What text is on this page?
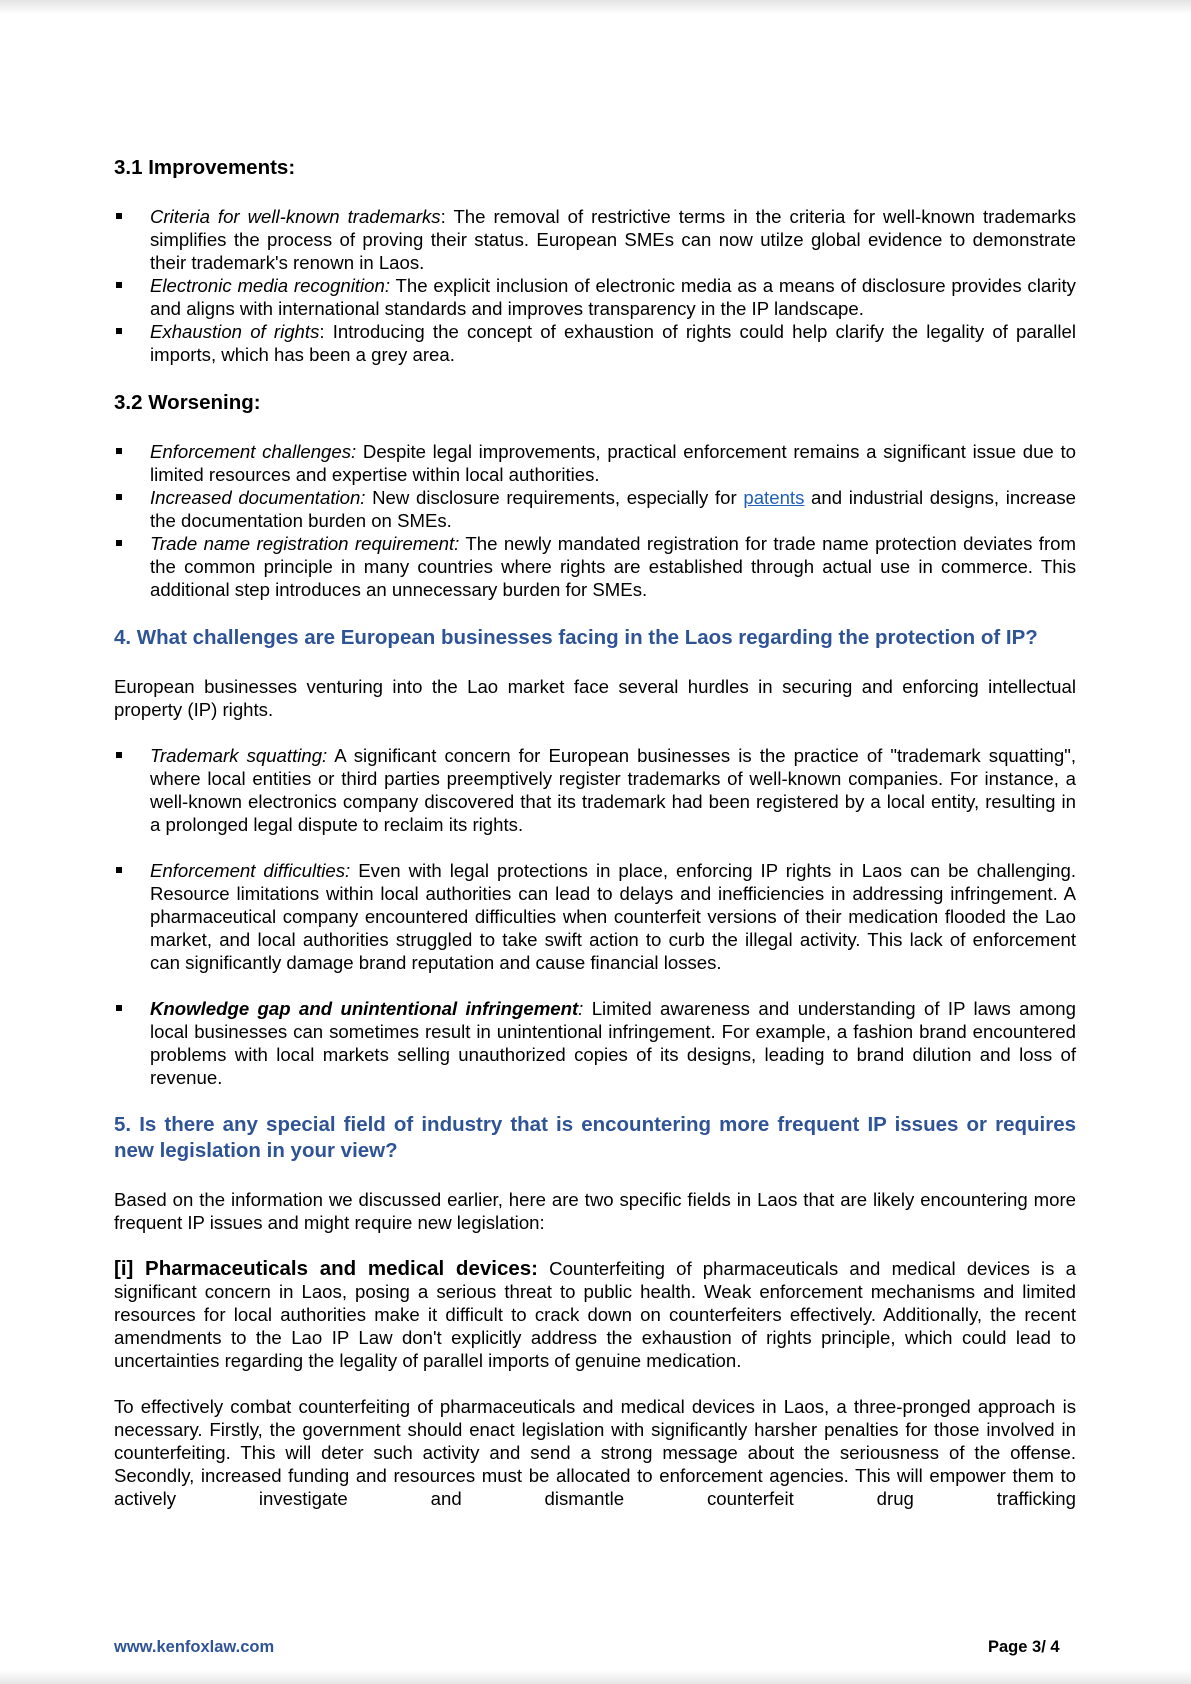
3.1 Improvements:
Criteria for well-known trademarks: The removal of restrictive terms in the criteria for well-known trademarks simplifies the process of proving their status. European SMEs can now utilze global evidence to demonstrate their trademark's renown in Laos.
Electronic media recognition: The explicit inclusion of electronic media as a means of disclosure provides clarity and aligns with international standards and improves transparency in the IP landscape.
Exhaustion of rights: Introducing the concept of exhaustion of rights could help clarify the legality of parallel imports, which has been a grey area.
3.2 Worsening:
Enforcement challenges: Despite legal improvements, practical enforcement remains a significant issue due to limited resources and expertise within local authorities.
Increased documentation: New disclosure requirements, especially for patents and industrial designs, increase the documentation burden on SMEs.
Trade name registration requirement: The newly mandated registration for trade name protection deviates from the common principle in many countries where rights are established through actual use in commerce. This additional step introduces an unnecessary burden for SMEs.
4. What challenges are European businesses facing in the Laos regarding the protection of IP?

European businesses venturing into the Lao market face several hurdles in securing and enforcing intellectual property (IP) rights.

Trademark squatting: A significant concern for European businesses is the practice of "trademark squatting", where local entities or third parties preemptively register trademarks of well-known companies. For instance, a well-known electronics company discovered that its trademark had been registered by a local entity, resulting in a prolonged legal dispute to reclaim its rights.
Enforcement difficulties: Even with legal protections in place, enforcing IP rights in Laos can be challenging. Resource limitations within local authorities can lead to delays and inefficiencies in addressing infringement. A pharmaceutical company encountered difficulties when counterfeit versions of their medication flooded the Lao market, and local authorities struggled to take swift action to curb the illegal activity. This lack of enforcement can significantly damage brand reputation and cause financial losses.
Knowledge gap and unintentional infringement: Limited awareness and understanding of IP laws among local businesses can sometimes result in unintentional infringement. For example, a fashion brand encountered problems with local markets selling unauthorized copies of its designs, leading to brand dilution and loss of revenue.
5. Is there any special field of industry that is encountering more frequent IP issues or requires new legislation in your view?

Based on the information we discussed earlier, here are two specific fields in Laos that are likely encountering more frequent IP issues and might require new legislation:

[i] Pharmaceuticals and medical devices: Counterfeiting of pharmaceuticals and medical devices is a significant concern in Laos, posing a serious threat to public health. Weak enforcement mechanisms and limited resources for local authorities make it difficult to crack down on counterfeiters effectively. Additionally, the recent amendments to the Lao IP Law don't explicitly address the exhaustion of rights principle, which could lead to uncertainties regarding the legality of parallel imports of genuine medication.

To effectively combat counterfeiting of pharmaceuticals and medical devices in Laos, a three-pronged approach is necessary. Firstly, the government should enact legislation with significantly harsher penalties for those involved in counterfeiting. This will deter such activity and send a strong message about the seriousness of the offense. Secondly, increased funding and resources must be allocated to enforcement agencies. This will empower them to actively investigate and dismantle counterfeit drug trafficking

www.kenfoxlaw.com	Page 3/ 4
